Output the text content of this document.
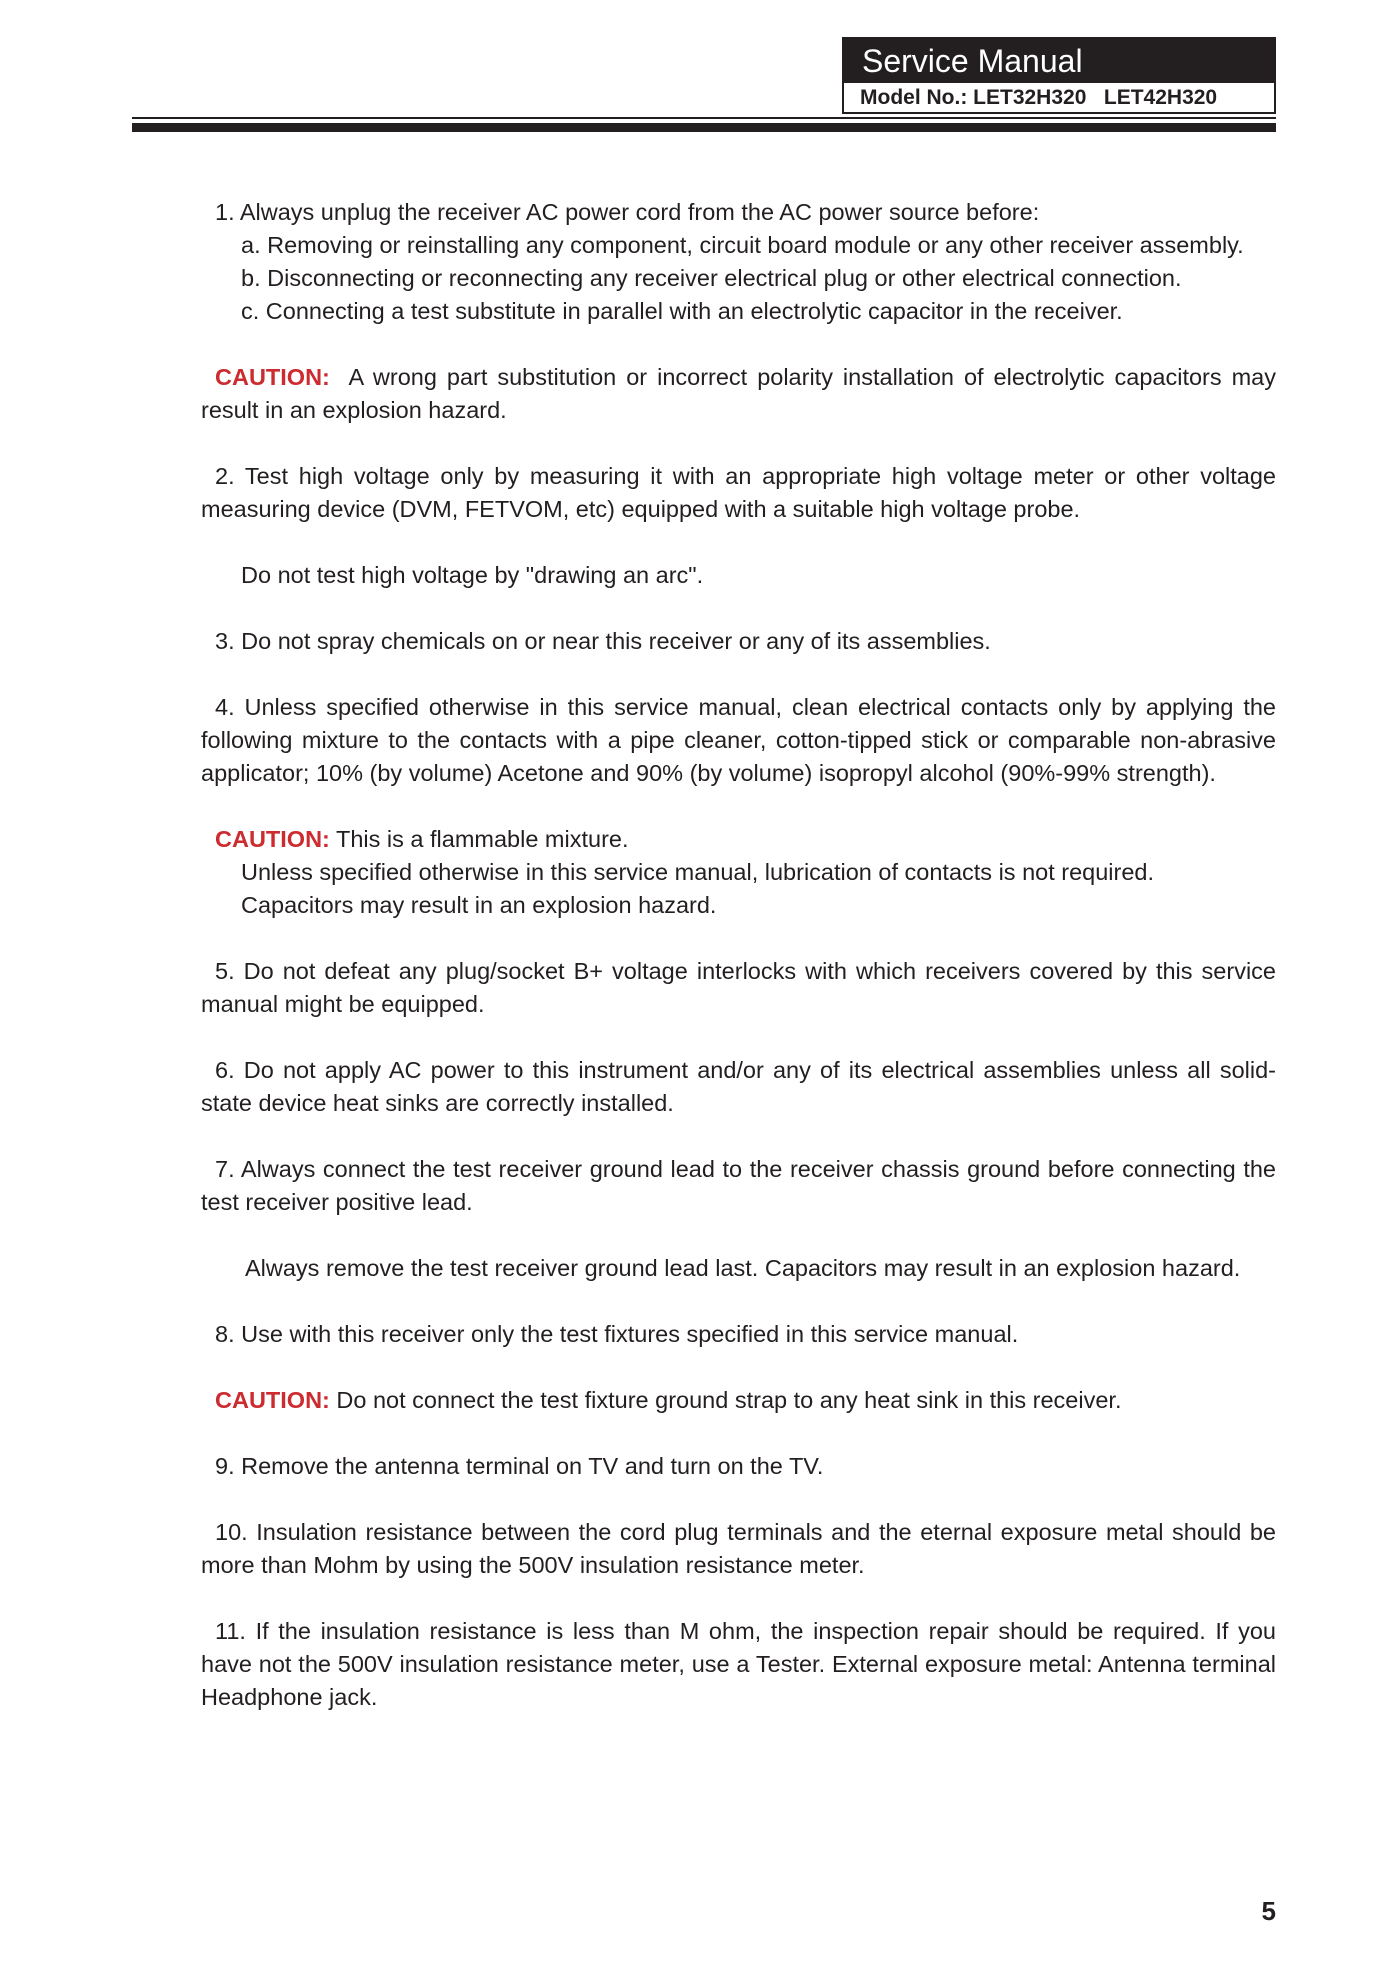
Service Manual
Model No.: LET32H320   LET42H320

1. Always unplug the receiver AC power cord from the AC power source before:

a. Removing or reinstalling any component, circuit board module or any other receiver assembly.

b. Disconnecting or reconnecting any receiver electrical plug or other electrical connection.

c. Connecting a test substitute in parallel with an electrolytic capacitor in the receiver.

CAUTION: A wrong part substitution or incorrect polarity installation of electrolytic capacitors may result in an explosion hazard.

2. Test high voltage only by measuring it with an appropriate high voltage meter or other voltage measuring device (DVM, FETVOM, etc) equipped with a suitable high voltage probe.

Do not test high voltage by "drawing an arc".

3. Do not spray chemicals on or near this receiver or any of its assemblies.

4. Unless specified otherwise in this service manual, clean electrical contacts only by applying the following mixture to the contacts with a pipe cleaner, cotton-tipped stick or comparable non-abrasive applicator; 10% (by volume) Acetone and 90% (by volume) isopropyl alcohol (90%-99% strength).

CAUTION: This is a flammable mixture.

Unless specified otherwise in this service manual, lubrication of contacts is not required.

Capacitors may result in an explosion hazard.

5. Do not defeat any plug/socket B+ voltage interlocks with which receivers covered by this service manual might be equipped.

6. Do not apply AC power to this instrument and/or any of its electrical assemblies unless all solid-state device heat sinks are correctly installed.

7. Always connect the test receiver ground lead to the receiver chassis ground before connecting the test receiver positive lead.

Always remove the test receiver ground lead last. Capacitors may result in an explosion hazard.

8. Use with this receiver only the test fixtures specified in this service manual.

CAUTION: Do not connect the test fixture ground strap to any heat sink in this receiver.

9. Remove the antenna terminal on TV and turn on the TV.

10. Insulation resistance between the cord plug terminals and the eternal exposure metal should be more than Mohm by using the 500V insulation resistance meter.

11. If the insulation resistance is less than M ohm, the inspection repair should be required. If you have not the 500V insulation resistance meter, use a Tester. External exposure metal: Antenna terminal Headphone jack.

5
